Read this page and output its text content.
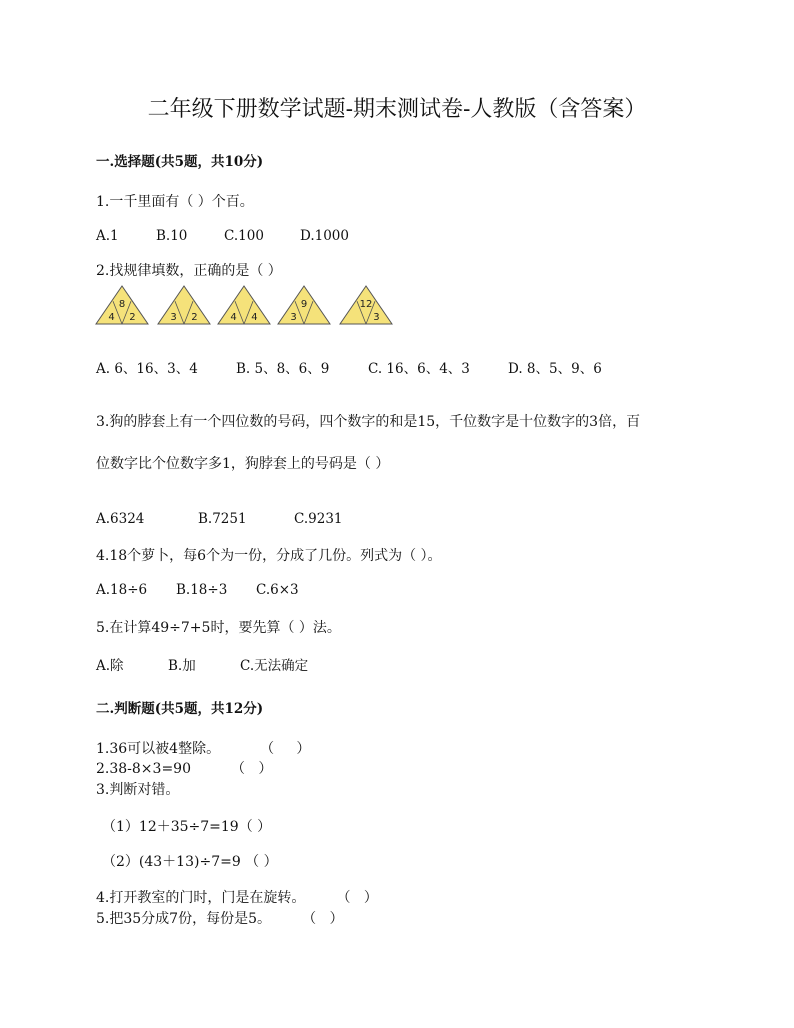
二年级下册数学试题-期末测试卷-人教版（含答案）
一.选择题(共5题，共10分)
1.一千里面有（ ）个百。
A.1	B.10	C.100	D.1000
2.找规律填数，正确的是（ ）
8
4 2	3 2	4 4
9
3
12
3
A. 6、16、3、4	B. 5、8、6、9	C. 16、6、4、3	D. 8、5、9、6
3.狗的脖套上有一个四位数的号码，四个数字的和是15，千位数字是十位数字的3倍，百
位数字比个位数字多1，狗脖套上的号码是（ ）
A.6324	B.7251	C.9231
4.18个萝卜，每6个为一份，分成了几份。列式为（ ）。
A.18÷6 B.18÷3 C.6×3
5.在计算49÷7+5时，要先算（ ）法。
A.除	B.加	C.无法确定
二.判断题(共5题，共12分)
1.36可以被4整除。         （     ）
2.38-8×3=90         （   ）
3.判断对错。
（1）12＋35÷7=19（ ）
（2）(43＋13)÷7=9 （ ）
4.打开教室的门时，门是在旋转。       （   ）
5.把35分成7份，每份是5。       （   ）
